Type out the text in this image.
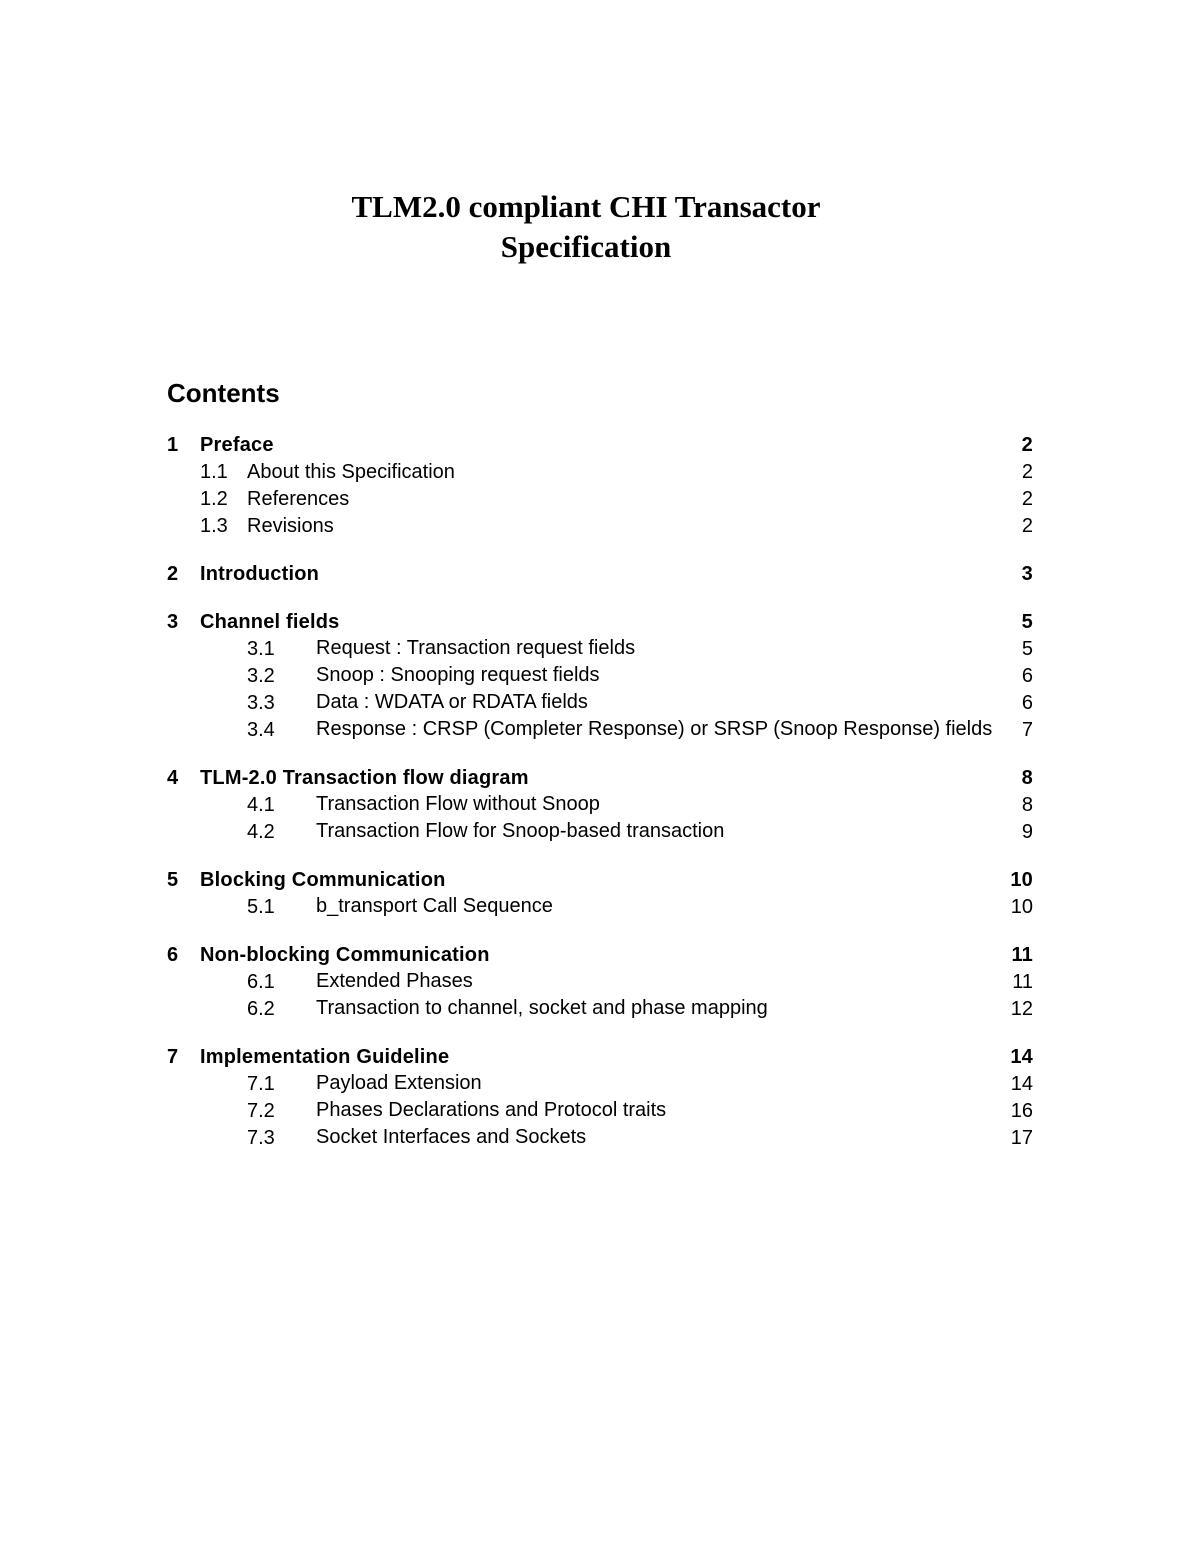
TLM2.0 compliant CHI Transactor
Specification
Contents
1 Preface	2
1.1 About this Specification	2
1.2 References	2
1.3 Revisions	2
2 Introduction	3
3 Channel fields	5
3.1 Request : Transaction request fields	5
3.2 Snoop : Snooping request fields	6
3.3 Data : WDATA or RDATA fields	6
3.4 Response : CRSP (Completer Response) or SRSP (Snoop Response) fields 7
4 TLM-2.0 Transaction flow diagram	8
4.1 Transaction Flow without Snoop	8
4.2 Transaction Flow for Snoop-based transaction	9
5 Blocking Communication	10
5.1 b_transport Call Sequence	10
6 Non-blocking Communication	11
6.1 Extended Phases	11
6.2 Transaction to channel, socket and phase mapping	12
7 Implementation Guideline	14
7.1 Payload Extension	14
7.2 Phases Declarations and Protocol traits	16
7.3 Socket Interfaces and Sockets	17
